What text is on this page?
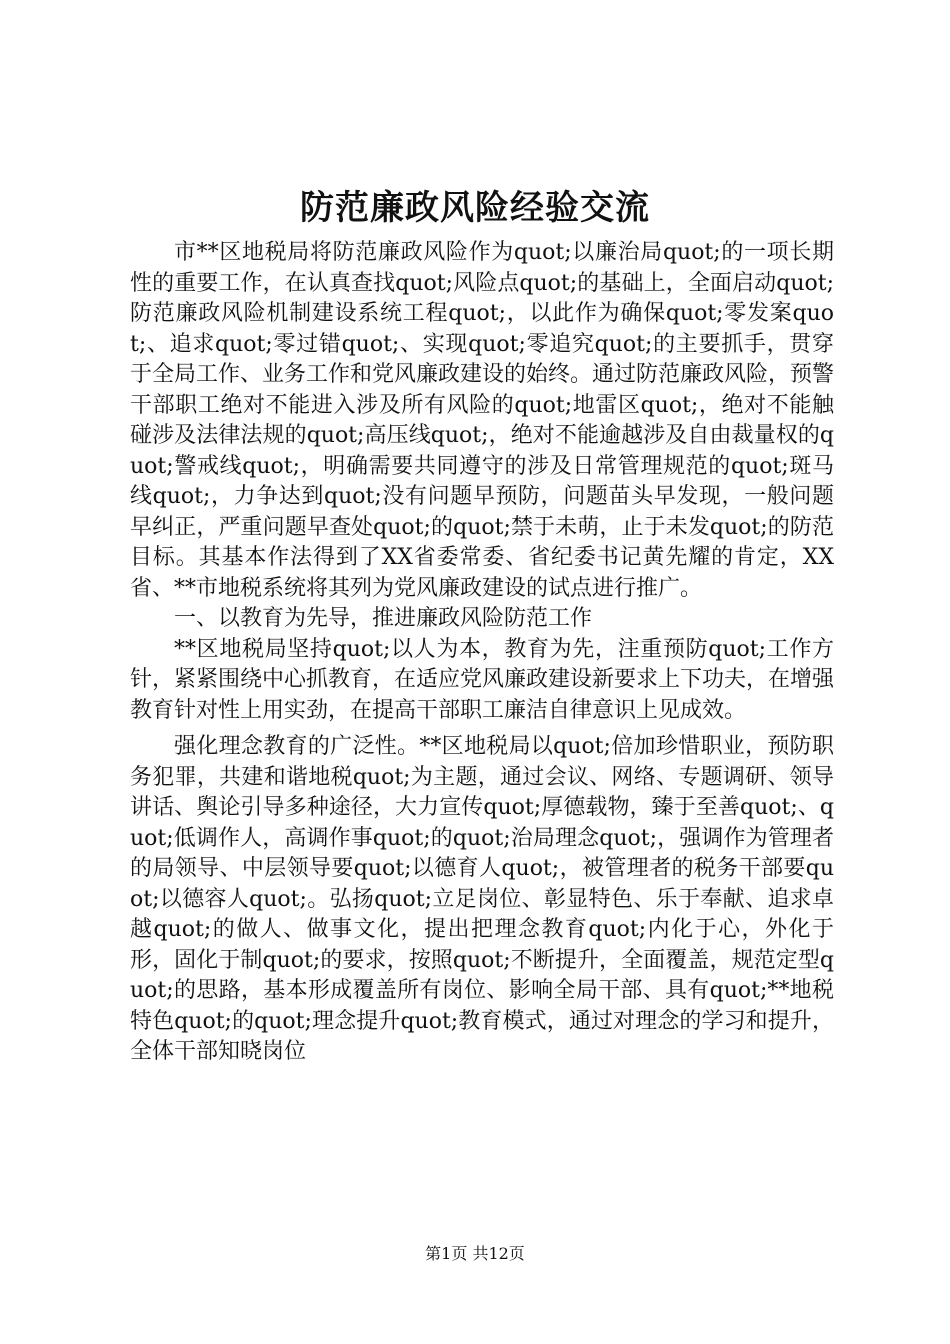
防范廉政风险经验交流

市**区地税局将防范廉政风险作为quot;以廉治局quot;的一项长期性的重要工作，在认真查找quot;风险点quot;的基础上，全面启动quot;防范廉政风险机制建设系统工程quot;，以此作为确保quot;零发案quot;、追求quot;零过错quot;、实现quot;零追究quot;的主要抓手，贯穿于全局工作、业务工作和党风廉政建设的始终。通过防范廉政风险，预警干部职工绝对不能进入涉及所有风险的quot;地雷区quot;，绝对不能触碰涉及法律法规的quot;高压线quot;，绝对不能逾越涉及自由裁量权的quot;警戒线quot;，明确需要共同遵守的涉及日常管理规范的quot;斑马线quot;，力争达到quot;没有问题早预防，问题苗头早发现，一般问题早纠正，严重问题早查处quot;的quot;禁于未萌，止于未发quot;的防范目标。其基本作法得到了XX省委常委、省纪委书记黄先耀的肯定，XX省、**市地税系统将其列为党风廉政建设的试点进行推广。

一、以教育为先导，推进廉政风险防范工作

**区地税局坚持quot;以人为本，教育为先，注重预防quot;工作方针，紧紧围绕中心抓教育，在适应党风廉政建设新要求上下功夫，在增强教育针对性上用实劲，在提高干部职工廉洁自律意识上见成效。

强化理念教育的广泛性。**区地税局以quot;倍加珍惜职业，预防职务犯罪，共建和谐地税quot;为主题，通过会议、网络、专题调研、领导讲话、舆论引导多种途径，大力宣传quot;厚德载物，臻于至善quot;、quot;低调作人，高调作事quot;的quot;治局理念quot;，强调作为管理者的局领导、中层领导要quot;以德育人quot;，被管理者的税务干部要quot;以德容人quot;。弘扬quot;立足岗位、彰显特色、乐于奉献、追求卓越quot;的做人、做事文化，提出把理念教育quot;内化于心，外化于形，固化于制quot;的要求，按照quot;不断提升，全面覆盖，规范定型quot;的思路，基本形成覆盖所有岗位、影响全局干部、具有quot;**地税特色quot;的quot;理念提升quot;教育模式，通过对理念的学习和提升，全体干部知晓岗位

第1页 共12页
